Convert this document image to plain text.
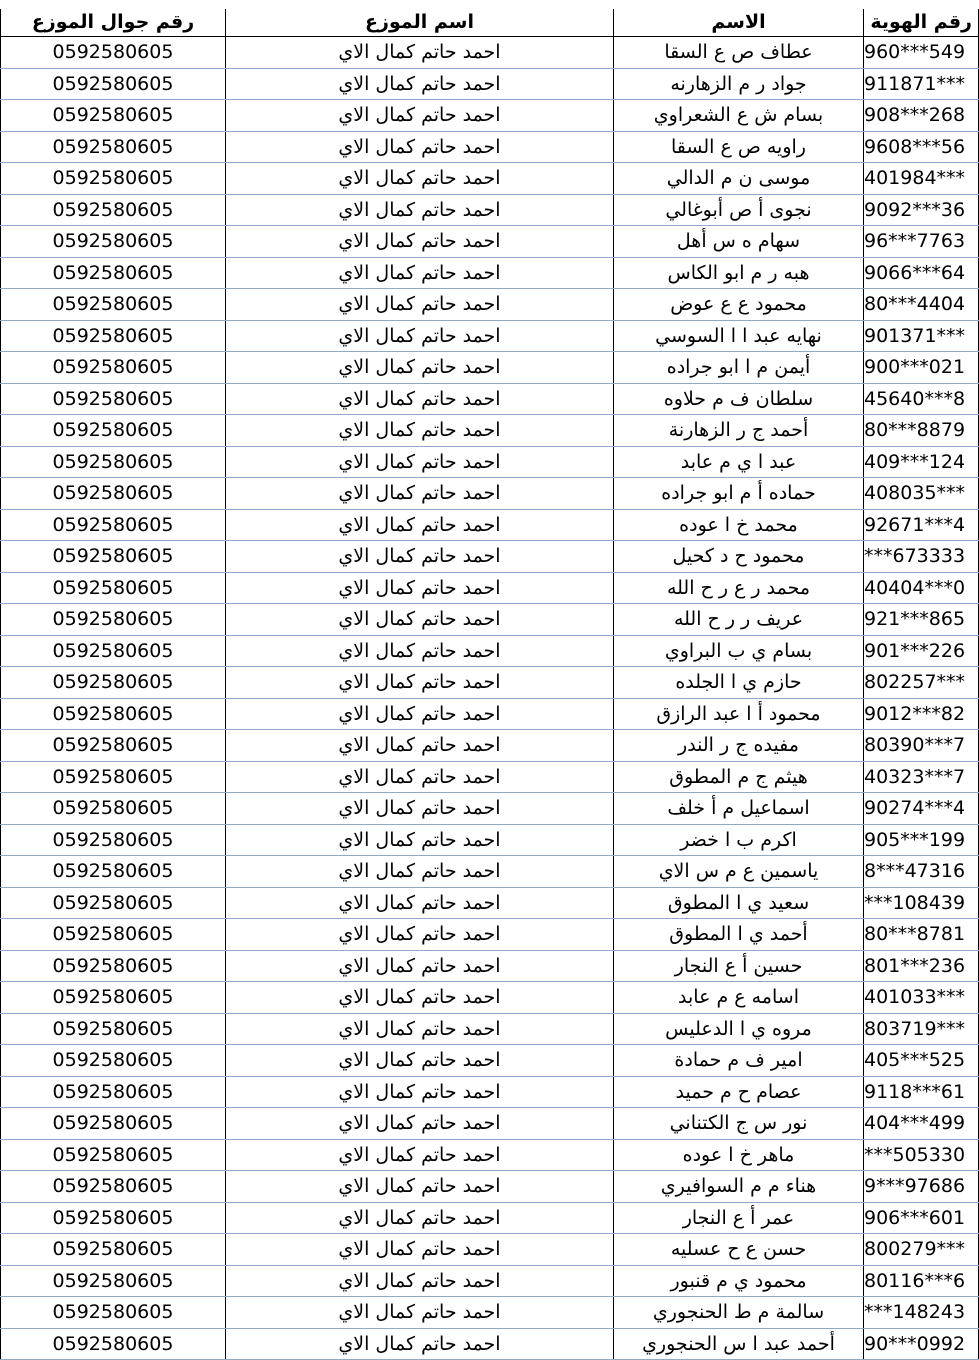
رقم الهوية	الاسم	اسم الموزع	رقم جوال الموزع
960***549	عطاف ص ع السقا	احمد حاتم كمال الاي	0592580605
911871***	جواد ر م الزهارنه	احمد حاتم كمال الاي	0592580605
908***268	بسام ش ع الشعراوي	احمد حاتم كمال الاي	0592580605
9608***56	راويه ص ع السقا	احمد حاتم كمال الاي	0592580605
401984***	موسى ن م الدالي	احمد حاتم كمال الاي	0592580605
9092***36	نجوى أ ص أبوغالي	احمد حاتم كمال الاي	0592580605
96***7763	سهام ه س أهل	احمد حاتم كمال الاي	0592580605
9066***64	هبه ر م ابو الكاس	احمد حاتم كمال الاي	0592580605
80***4404	محمود ع ع عوض	احمد حاتم كمال الاي	0592580605
901371***	نهايه عبد ا ا السوسي	احمد حاتم كمال الاي	0592580605
900***021	أيمن م ا ابو جراده	احمد حاتم كمال الاي	0592580605
45640***8	سلطان ف م حلاوه	احمد حاتم كمال الاي	0592580605
80***8879	أحمد ج ر الزهارنة	احمد حاتم كمال الاي	0592580605
409***124	عبد ا ي م عابد	احمد حاتم كمال الاي	0592580605
408035***	حماده أ م ابو جراده	احمد حاتم كمال الاي	0592580605
92671***4	محمد خ ا عوده	احمد حاتم كمال الاي	0592580605
***673333	محمود ح د كحيل	احمد حاتم كمال الاي	0592580605
40404***0	محمد ر ع ر ح الله	احمد حاتم كمال الاي	0592580605
921***865	عريف ر ر ح الله	احمد حاتم كمال الاي	0592580605
901***226	بسام ي ب البراوي	احمد حاتم كمال الاي	0592580605
802257***	حازم ي ا الجلده	احمد حاتم كمال الاي	0592580605
9012***82	محمود أ ا عبد الرازق	احمد حاتم كمال الاي	0592580605
80390***7	مفيده ج ر الندر	احمد حاتم كمال الاي	0592580605
40323***7	هيثم ج م المطوق	احمد حاتم كمال الاي	0592580605
90274***4	اسماعيل م أ خلف	احمد حاتم كمال الاي	0592580605
905***199	اكرم ب ا خضر	احمد حاتم كمال الاي	0592580605
8***47316	ياسمين ع م س الاي	احمد حاتم كمال الاي	0592580605
***108439	سعيد ي ا المطوق	احمد حاتم كمال الاي	0592580605
80***8781	أحمد ي ا المطوق	احمد حاتم كمال الاي	0592580605
801***236	حسين أ ع النجار	احمد حاتم كمال الاي	0592580605
401033***	اسامه ع م عابد	احمد حاتم كمال الاي	0592580605
803719***	مروه ي ا الدعليس	احمد حاتم كمال الاي	0592580605
405***525	امير ف م حمادة	احمد حاتم كمال الاي	0592580605
9118***61	عصام ح م حميد	احمد حاتم كمال الاي	0592580605
404***499	نور س ج الكتناني	احمد حاتم كمال الاي	0592580605
***505330	ماهر خ ا عوده	احمد حاتم كمال الاي	0592580605
9***97686	هناء م م السوافيري	احمد حاتم كمال الاي	0592580605
906***601	عمر أ ع النجار	احمد حاتم كمال الاي	0592580605
800279***	حسن ع ح عسليه	احمد حاتم كمال الاي	0592580605
80116***6	محمود ي م قنبور	احمد حاتم كمال الاي	0592580605
***148243	سالمة م ط الحنجوري	احمد حاتم كمال الاي	0592580605
90***0992	أحمد عبد ا س الحنجوري	احمد حاتم كمال الاي	0592580605
